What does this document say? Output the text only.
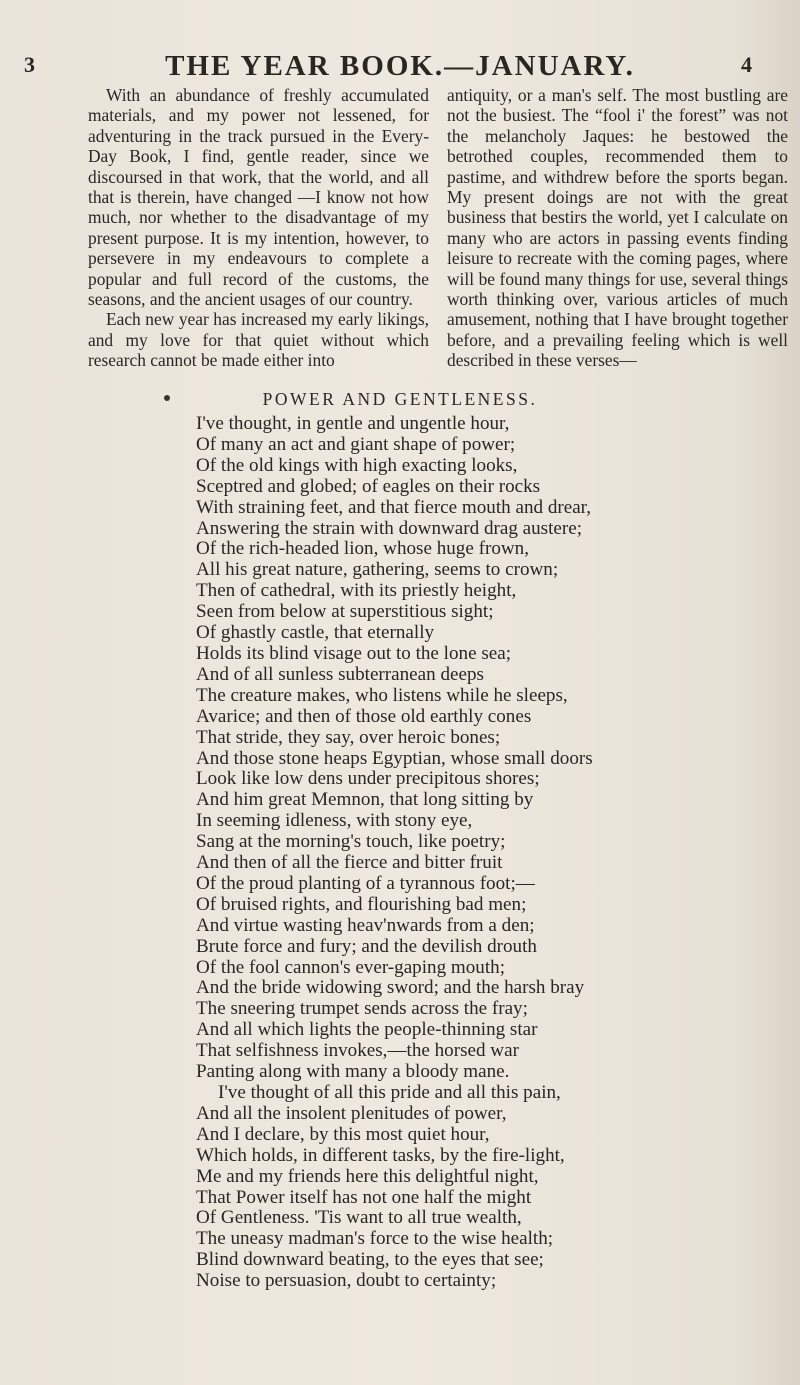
3	THE YEAR BOOK.—JANUARY.	4

With an abundance of freshly accumulated materials, and my power not lessened, for adventuring in the track pursued in the Every-Day Book, I find, gentle reader, since we discoursed in that work, that the world, and all that is therein, have changed —I know not how much, nor whether to the disadvantage of my present purpose. It is my intention, however, to persevere in my endeavours to complete a popular and full record of the customs, the seasons, and the ancient usages of our country.

Each new year has increased my early likings, and my love for that quiet without which research cannot be made either into

antiquity, or a man's self. The most bustling are not the busiest. The “fool i' the forest” was not the melancholy Jaques: he bestowed the betrothed couples, recommended them to pastime, and withdrew before the sports began. My present doings are not with the great business that bestirs the world, yet I calculate on many who are actors in passing events finding leisure to recreate with the coming pages, where will be found many things for use, several things worth thinking over, various articles of much amusement, nothing that I have brought together before, and a prevailing feeling which is well described in these verses—

POWER AND GENTLENESS.
I've thought, in gentle and ungentle hour,
Of many an act and giant shape of power;
Of the old kings with high exacting looks,
Sceptred and globed; of eagles on their rocks
With straining feet, and that fierce mouth and drear,
Answering the strain with downward drag austere;
Of the rich-headed lion, whose huge frown,
All his great nature, gathering, seems to crown;
Then of cathedral, with its priestly height,
Seen from below at superstitious sight;
Of ghastly castle, that eternally
Holds its blind visage out to the lone sea;
And of all sunless subterranean deeps
The creature makes, who listens while he sleeps,
Avarice; and then of those old earthly cones
That stride, they say, over heroic bones;
And those stone heaps Egyptian, whose small doors
Look like low dens under precipitous shores;
And him great Memnon, that long sitting by
In seeming idleness, with stony eye,
Sang at the morning's touch, like poetry;
And then of all the fierce and bitter fruit
Of the proud planting of a tyrannous foot;—
Of bruised rights, and flourishing bad men;
And virtue wasting heav'nwards from a den;
Brute force and fury; and the devilish drouth
Of the fool cannon's ever-gaping mouth;
And the bride widowing sword; and the harsh bray
The sneering trumpet sends across the fray;
And all which lights the people-thinning star
That selfishness invokes,—the horsed war
Panting along with many a bloody mane.
I've thought of all this pride and all this pain,
And all the insolent plenitudes of power,
And I declare, by this most quiet hour,
Which holds, in different tasks, by the fire-light,
Me and my friends here this delightful night,
That Power itself has not one half the might
Of Gentleness. 'Tis want to all true wealth,
The uneasy madman's force to the wise health;
Blind downward beating, to the eyes that see;
Noise to persuasion, doubt to certainty;
